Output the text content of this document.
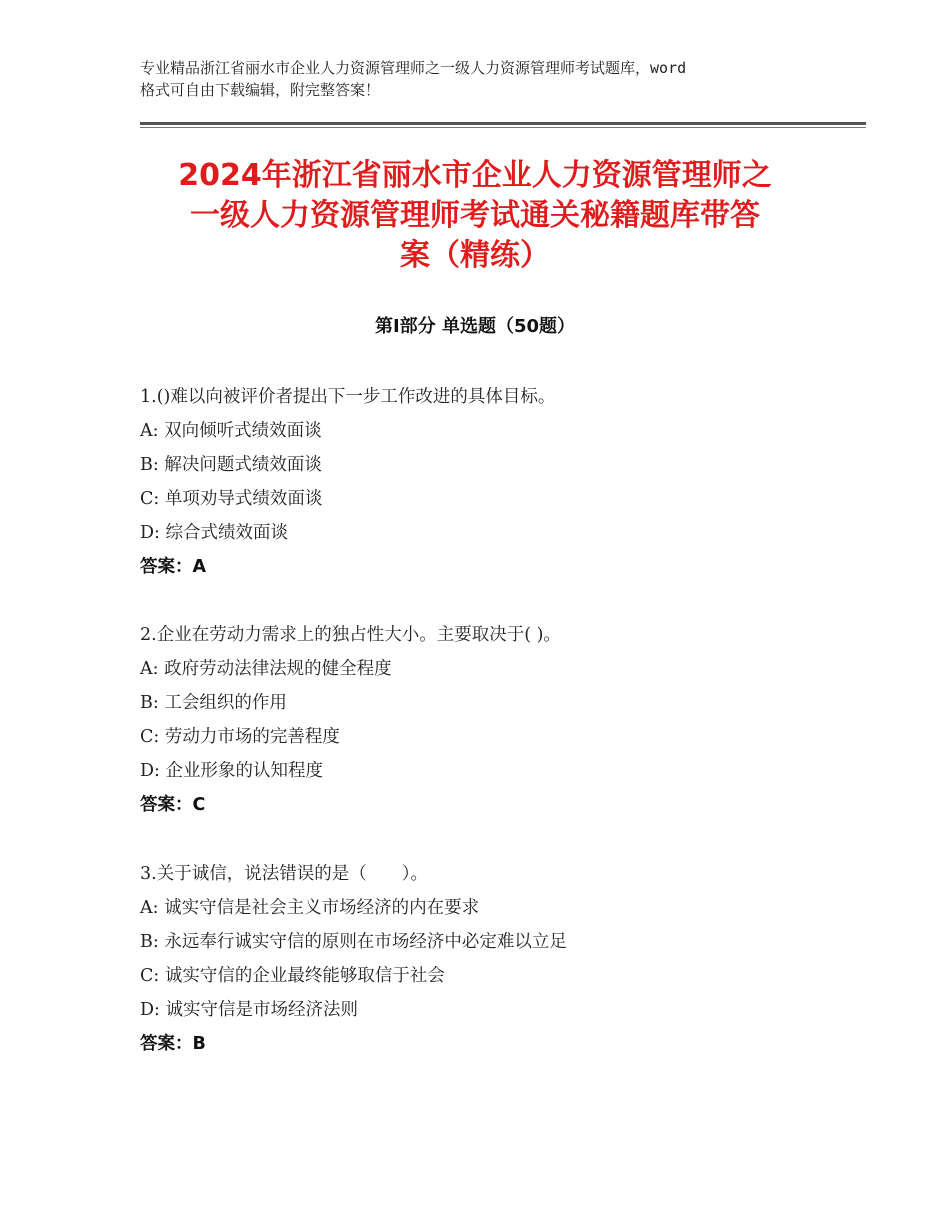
专业精品浙江省丽水市企业人力资源管理师之一级人力资源管理师考试题库，word
格式可自由下载编辑，附完整答案！
2024年浙江省丽水市企业人力资源管理师之
一级人力资源管理师考试通关秘籍题库带答
案（精练）
第Ⅰ部分 单选题（50题）
1.()难以向被评价者提出下一步工作改进的具体目标。
A: 双向倾听式绩效面谈
B: 解决问题式绩效面谈
C: 单项劝导式绩效面谈
D: 综合式绩效面谈
答案：A
2.企业在劳动力需求上的独占性大小。主要取决于( )。
A: 政府劳动法律法规的健全程度
B: 工会组织的作用
C: 劳动力市场的完善程度
D: 企业形象的认知程度
答案：C
3.关于诚信，说法错误的是（　　）。
A: 诚实守信是社会主义市场经济的内在要求
B: 永远奉行诚实守信的原则在市场经济中必定难以立足
C: 诚实守信的企业最终能够取信于社会
D: 诚实守信是市场经济法则
答案：B
